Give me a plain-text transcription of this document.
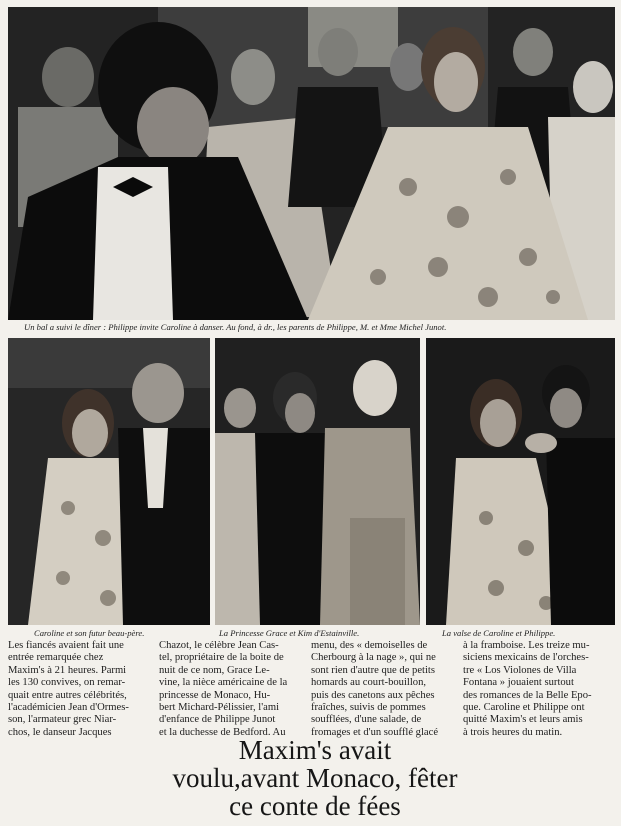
Un bal a suivi le dîner : Philippe invite Caroline à danser. Au fond, à dr., les parents de Philippe, M. et Mme Michel Junot.
Caroline et son futur beau-père.	La Princesse Grace et Kim d'Estainville.	La valse de Caroline et Philippe.
Les fiancés avaient fait une
entrée remarquée chez
Maxim's à 21 heures. Parmi
les 130 convives, on remar-
quait entre autres célébrités,
l'académicien Jean d'Ormes-
son, l'armateur grec Niar-
chos, le danseur Jacques
Chazot, le célèbre Jean Cas-
tel, propriétaire de la boite de
nuit de ce nom, Grace Le-
vine, la nièce américaine de la
princesse de Monaco, Hu-
bert Michard-Pélissier, l'ami
d'enfance de Philippe Junot
et la duchesse de Bedford. Au
menu, des « demoiselles de
Cherbourg à la nage », qui ne
sont rien d'autre que de petits
homards au court-bouillon,
puis des canetons aux pêches
fraîches, suivis de pommes
soufflées, d'une salade, de
fromages et d'un soufflé glacé
à la framboise. Les treize mu-
siciens mexicains de l'orches-
tre « Los Violones de Villa
Fontana » jouaient surtout
des romances de la Belle Epo-
que. Caroline et Philippe ont
quitté Maxim's et leurs amis
à trois heures du matin.
Maxim's avait
voulu,avant Monaco, fêter
ce conte de fées
